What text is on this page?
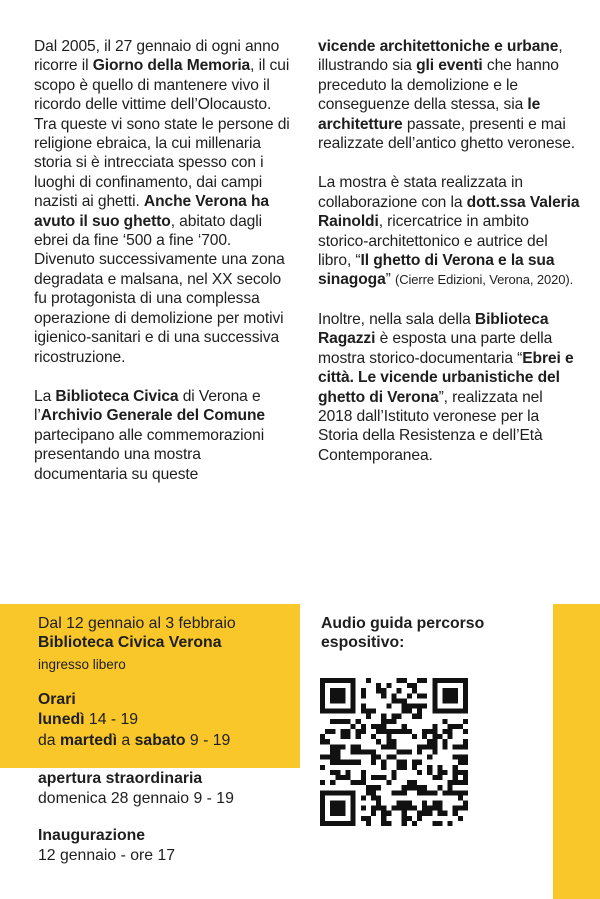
Dal 2005, il 27 gennaio di ogni anno ricorre il Giorno della Memoria, il cui scopo è quello di mantenere vivo il ricordo delle vittime dell’Olocausto. Tra queste vi sono state le persone di religione ebraica, la cui millenaria storia si è intrecciata spesso con i luoghi di confinamento, dai campi nazisti ai ghetti. Anche Verona ha avuto il suo ghetto, abitato dagli ebrei da fine ‘500 a fine ‘700. Divenuto successivamente una zona degradata e malsana, nel XX secolo fu protagonista di una complessa operazione di demolizione per motivi igienico-sanitari e di una successiva ricostruzione.

La Biblioteca Civica di Verona e l’Archivio Generale del Comune partecipano alle commemorazioni presentando una mostra documentaria su queste

vicende architettoniche e urbane, illustrando sia gli eventi che hanno preceduto la demolizione e le conseguenze della stessa, sia le architetture passate, presenti e mai realizzate dell’antico ghetto veronese.

La mostra è stata realizzata in collaborazione con la dott.ssa Valeria Rainoldi, ricercatrice in ambito storico-architettonico e autrice del libro, “Il ghetto di Verona e la sua sinagoga” (Cierre Edizioni, Verona, 2020).

Inoltre, nella sala della Biblioteca Ragazzi è esposta una parte della mostra storico-documentaria “Ebrei e città. Le vicende urbanistiche del ghetto di Verona”, realizzata nel 2018 dall’Istituto veronese per la Storia della Resistenza e dell’Età Contemporanea.

Dal 12 gennaio al 3 febbraio
Biblioteca Civica Verona
ingresso libero
Orari
lunedì 14 - 19
da martedì a sabato 9 - 19
apertura straordinaria
domenica 28 gennaio 9 - 19
Inaugurazione
12 gennaio - ore 17
Audio guida percorso espositivo:
